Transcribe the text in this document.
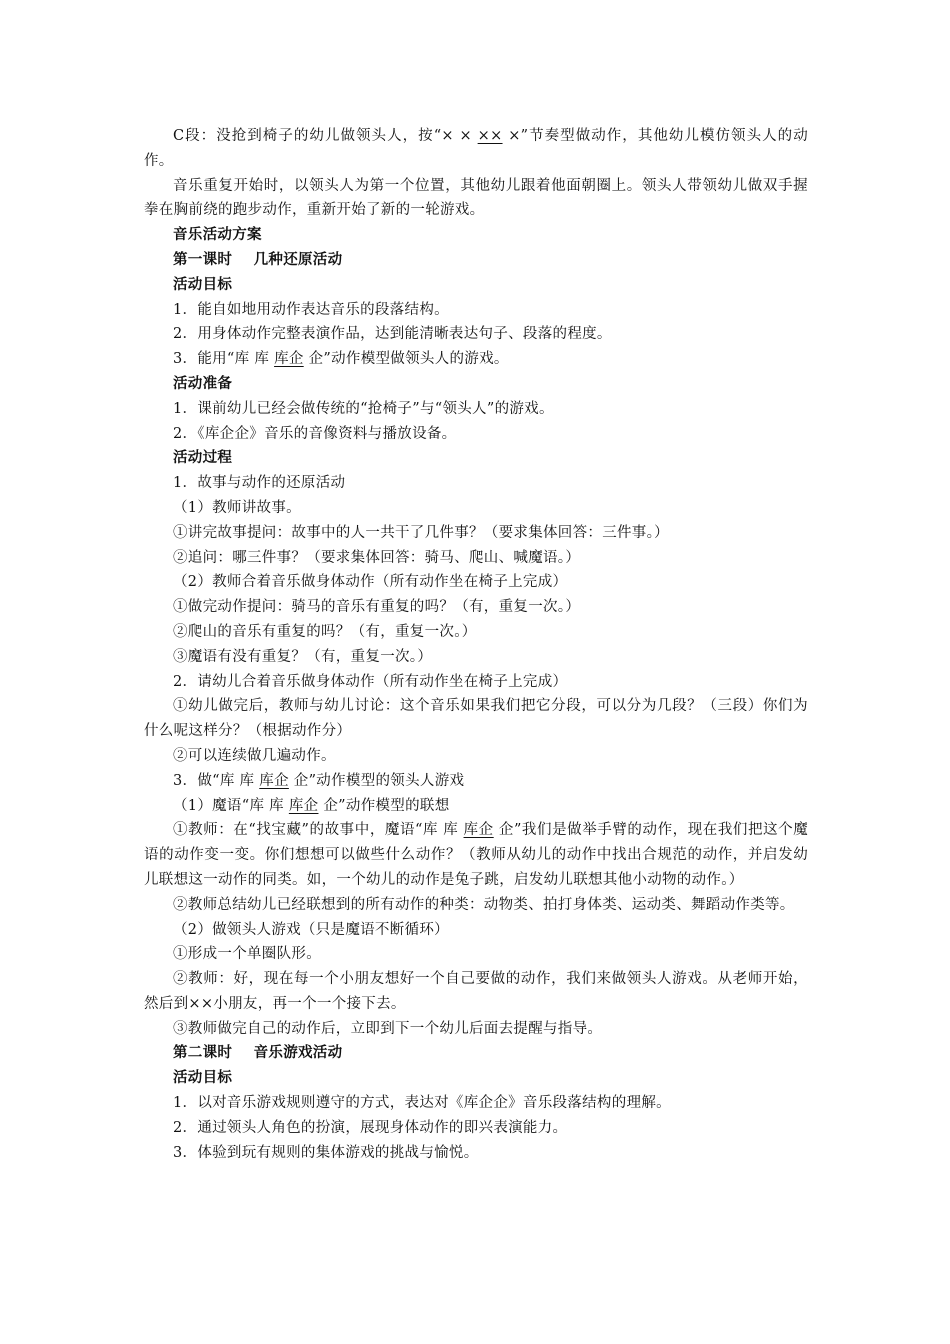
C段：没抢到椅子的幼儿做领头人，按“× × ×× ×”节奏型做动作，其他幼儿模仿领头人的动作。

音乐重复开始时，以领头人为第一个位置，其他幼儿跟着他面朝圈上。领头人带领幼儿做双手握拳在胸前绕的跑步动作，重新开始了新的一轮游戏。

音乐活动方案

第一课时 几种还原活动

活动目标

1．能自如地用动作表达音乐的段落结构。

2．用身体动作完整表演作品，达到能清晰表达句子、段落的程度。

3．能用“库 库 库企 企”动作模型做领头人的游戏。

活动准备

1．课前幼儿已经会做传统的“抢椅子”与“领头人”的游戏。

2．《库企企》音乐的音像资料与播放设备。

活动过程

1．故事与动作的还原活动

（1）教师讲故事。

①讲完故事提问：故事中的人一共干了几件事？（要求集体回答：三件事。）

②追问：哪三件事？（要求集体回答：骑马、爬山、喊魔语。）

（2）教师合着音乐做身体动作（所有动作坐在椅子上完成）

①做完动作提问：骑马的音乐有重复的吗？（有，重复一次。）

②爬山的音乐有重复的吗？（有，重复一次。）

③魔语有没有重复？（有，重复一次。）

2．请幼儿合着音乐做身体动作（所有动作坐在椅子上完成）

①幼儿做完后，教师与幼儿讨论：这个音乐如果我们把它分段，可以分为几段？（三段）你们为什么呢这样分？（根据动作分）

②可以连续做几遍动作。

3．做“库 库 库企 企”动作模型的领头人游戏

（1）魔语“库 库 库企 企”动作模型的联想

①教师：在“找宝藏”的故事中，魔语“库 库 库企 企”我们是做举手臂的动作，现在我们把这个魔语的动作变一变。你们想想可以做些什么动作？（教师从幼儿的动作中找出合规范的动作，并启发幼儿联想这一动作的同类。如，一个幼儿的动作是兔子跳，启发幼儿联想其他小动物的动作。）

②教师总结幼儿已经联想到的所有动作的种类：动物类、拍打身体类、运动类、舞蹈动作类等。

（2）做领头人游戏（只是魔语不断循环）

①形成一个单圈队形。

②教师：好，现在每一个小朋友想好一个自己要做的动作，我们来做领头人游戏。从老师开始，然后到××小朋友，再一个一个接下去。

③教师做完自己的动作后，立即到下一个幼儿后面去提醒与指导。

第二课时 音乐游戏活动

活动目标

1．以对音乐游戏规则遵守的方式，表达对《库企企》音乐段落结构的理解。

2．通过领头人角色的扮演，展现身体动作的即兴表演能力。

3．体验到玩有规则的集体游戏的挑战与愉悦。
